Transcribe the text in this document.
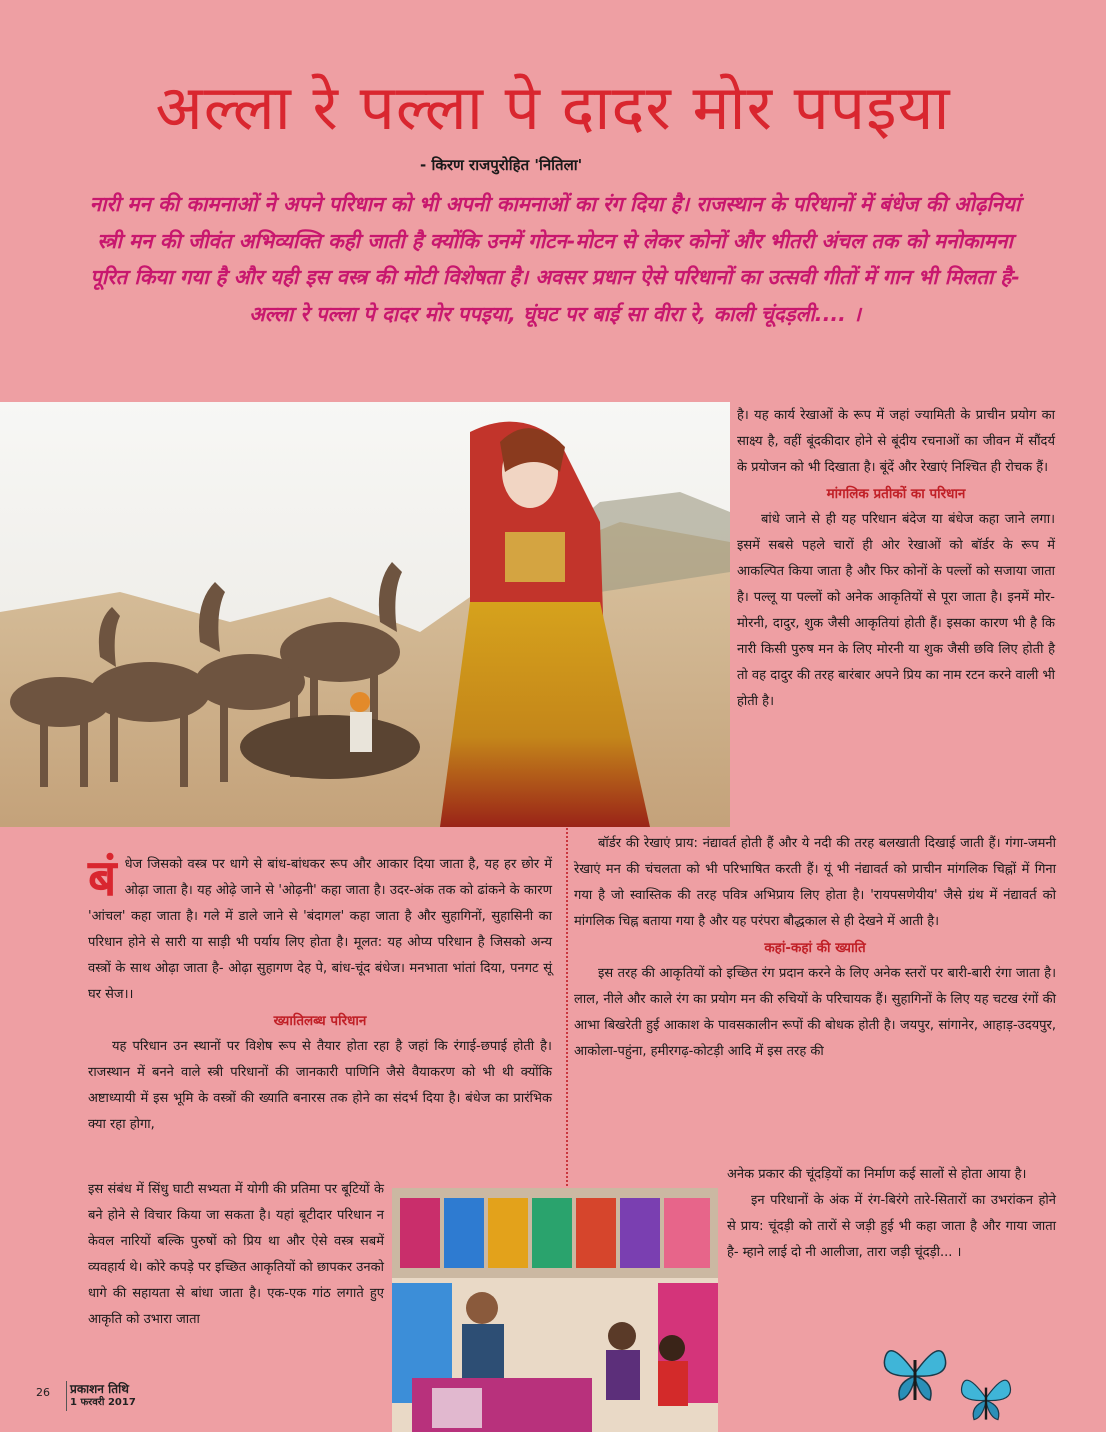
अल्ला रे पल्ला पे दादर मोर पपइया
- किरण राजपुरोहित 'नितिला'
नारी मन की कामनाओं ने अपने परिधान को भी अपनी कामनाओं का रंग दिया है। राजस्थान के परिधानों में बंधेज की ओढ़नियां स्त्री मन की जीवंत अभिव्यक्ति कही जाती है क्योंकि उनमें गोटन-मोटन से लेकर कोनों और भीतरी अंचल तक को मनोकामना पूरित किया गया है और यही इस वस्त्र की मोटी विशेषता है। अवसर प्रधान ऐसे परिधानों का उत्सवी गीतों में गान भी मिलता है- अल्ला रे पल्ला पे दादर मोर पपइया, घूंघट पर बाई सा वीरा रे, काली चूंदड़ली.... ।

है। यह कार्य रेखाओं के रूप में जहां ज्यामिती के प्राचीन प्रयोग का साक्ष्य है, वहीं बूंदकीदार होने से बूंदीय रचनाओं का जीवन में सौंदर्य के प्रयोजन को भी दिखाता है। बूंदें और रेखाएं निश्चित ही रोचक हैं।

मांगलिक प्रतीकों का परिधान

बांधे जाने से ही यह परिधान बंदेज या बंधेज कहा जाने लगा। इसमें सबसे पहले चारों ही ओर रेखाओं को बॉर्डर के रूप में आकल्पित किया जाता है और फिर कोनों के पल्लों को सजाया जाता है। पल्लू या पल्लों को अनेक आकृतियों से पूरा जाता है। इनमें मोर-मोरनी, दादुर, शुक जैसी आकृतियां होती हैं। इसका कारण भी है कि नारी किसी पुरुष मन के लिए मोरनी या शुक जैसी छवि लिए होती है तो वह दादुर की तरह बारंबार अपने प्रिय का नाम रटन करने वाली भी होती है।

बॉर्डर की रेखाएं प्राय: नंद्यावर्त होती हैं और ये नदी की तरह बलखाती दिखाई जाती हैं। गंगा-जमनी रेखाएं मन की चंचलता को भी परिभाषित करती हैं। यूं भी नंद्यावर्त को प्राचीन मांगलिक चिह्नों में गिना गया है जो स्वास्तिक की तरह पवित्र अभिप्राय लिए होता है। 'रायपसणेयीय' जैसे ग्रंथ में नंद्यावर्त को मांगलिक चिह्न बताया गया है और यह परंपरा बौद्धकाल से ही देखने में आती है।

कहां-कहां की ख्याति

इस तरह की आकृतियों को इच्छित रंग प्रदान करने के लिए अनेक स्तरों पर बारी-बारी रंगा जाता है। लाल, नीले और काले रंग का प्रयोग मन की रुचियों के परिचायक हैं। सुहागिनों के लिए यह चटख रंगों की आभा बिखरेती हुई आकाश के पावसकालीन रूपों की बोधक होती है। जयपुर, सांगानेर, आहाड़-उदयपुर, आकोला-पहुंना, हमीरगढ़-कोटड़ी आदि में इस तरह की

अनेक प्रकार की चूंदड़ियों का निर्माण कई सालों से होता आया है।

इन परिधानों के अंक में रंग-बिरंगे तारे-सितारों का उभरांकन होने से प्राय: चूंदड़ी को तारों से जड़ी हुई भी कहा जाता है और गाया जाता है- म्हाने लाई दो नी आलीजा, तारा जड़ी चूंदड़ी... ।

बं धेज जिसको वस्त्र पर धागे से बांध-बांधकर रूप और आकार दिया जाता है, यह हर छोर में ओढ़ा जाता है। यह ओढ़े जाने से 'ओढ़नी' कहा जाता है। उदर-अंक तक को ढांकने के कारण 'आंचल' कहा जाता है। गले में डाले जाने से 'बंदागल' कहा जाता है और सुहागिनों, सुहासिनी का परिधान होने से सारी या साड़ी भी पर्याय लिए होता है। मूलत: यह ओप्य परिधान है जिसको अन्य वस्त्रों के साथ ओढ़ा जाता है- ओढ़ा सुहागण देह पे, बांध-चूंद बंधेज। मनभाता भांतां दिया, पनगट सूं घर सेज।।

ख्यातिलब्ध परिधान

यह परिधान उन स्थानों पर विशेष रूप से तैयार होता रहा है जहां कि रंगाई-छपाई होती है। राजस्थान में बनने वाले स्त्री परिधानों की जानकारी पाणिनि जैसे वैयाकरण को भी थी क्योंकि अष्टाध्यायी में इस भूमि के वस्त्रों की ख्याति बनारस तक होने का संदर्भ दिया है। बंधेज का प्रारंभिक क्या रहा होगा,

इस संबंध में सिंधु घाटी सभ्यता में योगी की प्रतिमा पर बूटियों के बने होने से विचार किया जा सकता है। यहां बूटीदार परिधान न केवल नारियों बल्कि पुरुषों को प्रिय था और ऐसे वस्त्र सबमें व्यवहार्य थे। कोरे कपड़े पर इच्छित आकृतियों को छापकर उनको धागे की सहायता से बांधा जाता है। एक-एक गांठ लगाते हुए आकृति को उभारा जाता

26 प्रकाशन तिथि
1 फरवरी 2017
